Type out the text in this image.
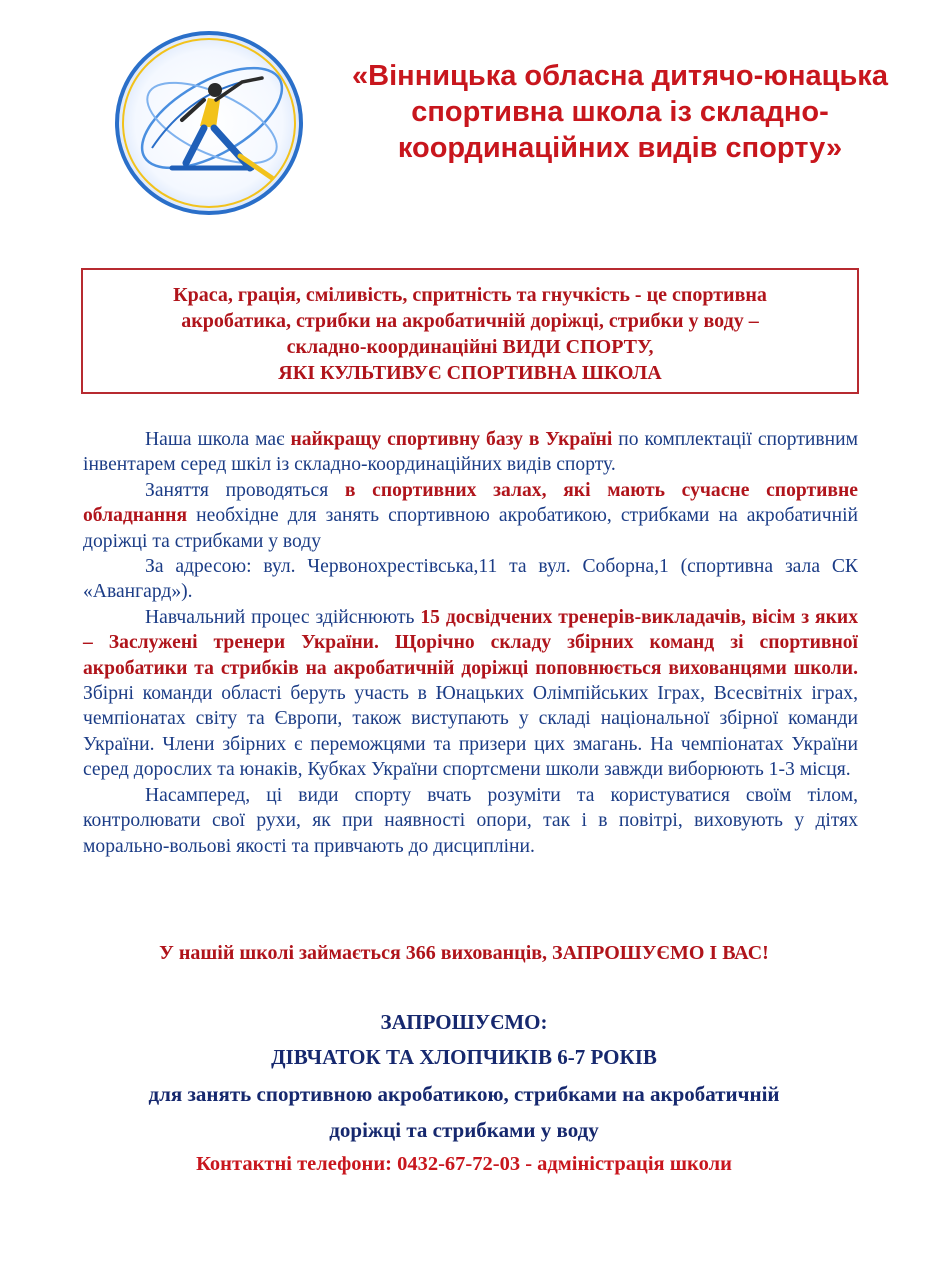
«Вінницька обласна дитячо-юнацька спортивна школа із складно-координаційних видів спорту»
Краса, грація, сміливість, спритність та гнучкість - це спортивна
акробатика, стрибки на акробатичній доріжці, стрибки у воду –
складно-координаційні ВИДИ СПОРТУ,
ЯКІ КУЛЬТИВУЄ СПОРТИВНА ШКОЛА

Наша школа має найкращу спортивну базу в Україні по комплектації спортивним інвентарем серед шкіл із складно-координаційних видів спорту.

Заняття проводяться в спортивних залах, які мають сучасне спортивне обладнання необхідне для занять спортивною акробатикою, стрибками на акробатичній доріжці та стрибками у воду

За адресою: вул. Червонохрестівська,11 та вул. Соборна,1 (спортивна зала СК «Авангард»).

Навчальний процес здійснюють 15 досвідчених тренерів-викладачів, вісім з яких – Заслужені тренери України. Щорічно складу збірних команд зі спортивної акробатики та стрибків на акробатичній доріжці поповнюється вихованцями школи. Збірні команди області беруть участь в Юнацьких Олімпійських Іграх, Всесвітніх іграх, чемпіонатах світу та Європи, також виступають у складі національної збірної команди України. Члени збірних є переможцями та призери цих змагань. На чемпіонатах України серед дорослих та юнаків, Кубках України спортсмени школи завжди виборюють 1-3 місця.

Насамперед, ці види спорту вчать розуміти та користуватися своїм тілом, контролювати свої рухи, як при наявності опори, так і в повітрі, виховують у дітях морально-вольові якості та привчають до дисципліни.

У нашій школі займається 366 вихованців, ЗАПРОШУЄМО І ВАС!
ЗАПРОШУЄМО:
ДІВЧАТОК ТА ХЛОПЧИКІВ 6-7 РОКІВ
для занять спортивною акробатикою, стрибками на акробатичній
доріжці та стрибками у воду
Контактні телефони: 0432-67-72-03 - адміністрація школи
